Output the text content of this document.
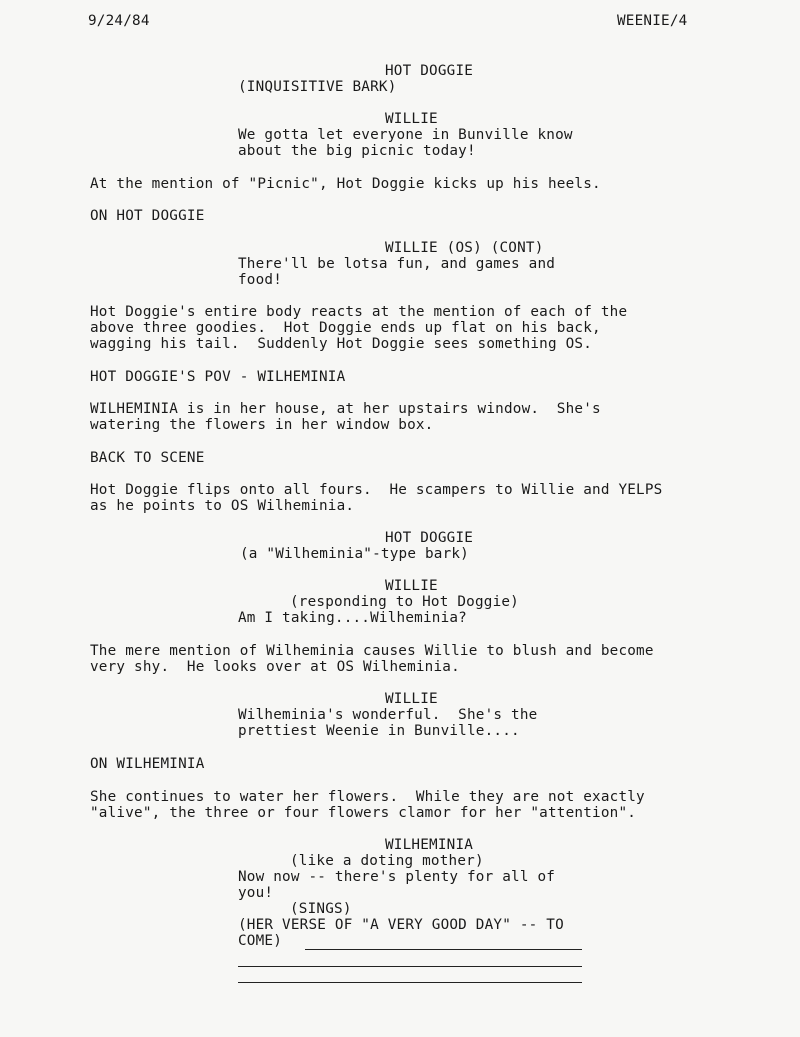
9/24/84	WEENIE/4
HOT DOGGIE
(INQUISITIVE BARK)
WILLIE
We gotta let everyone in Bunville know
about the big picnic today!
At the mention of "Picnic", Hot Doggie kicks up his heels.
ON HOT DOGGIE
WILLIE (OS) (CONT)
There'll be lotsa fun, and games and
food!
Hot Doggie's entire body reacts at the mention of each of the
above three goodies.  Hot Doggie ends up flat on his back,
wagging his tail.  Suddenly Hot Doggie sees something OS.
HOT DOGGIE'S POV - WILHEMINIA
WILHEMINIA is in her house, at her upstairs window.  She's
watering the flowers in her window box.
BACK TO SCENE
Hot Doggie flips onto all fours.  He scampers to Willie and YELPS
as he points to OS Wilheminia.
HOT DOGGIE
(a "Wilheminia"-type bark)
WILLIE
(responding to Hot Doggie)
Am I taking....Wilheminia?
The mere mention of Wilheminia causes Willie to blush and become
very shy.  He looks over at OS Wilheminia.
WILLIE
Wilheminia's wonderful.  She's the
prettiest Weenie in Bunville....
ON WILHEMINIA
She continues to water her flowers.  While they are not exactly
"alive", the three or four flowers clamor for her "attention".
WILHEMINIA
(like a doting mother)
Now now -- there's plenty for all of
you!
(SINGS)
(HER VERSE OF "A VERY GOOD DAY" -- TO
COME)
